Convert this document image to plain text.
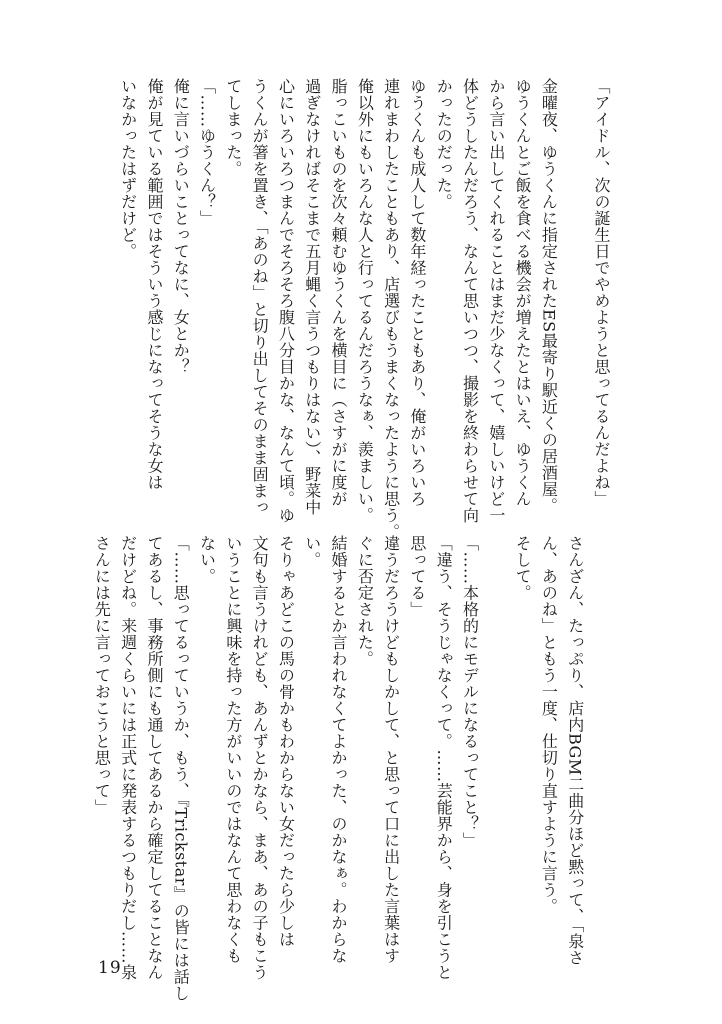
「アイドル、次の誕生日でやめようと思ってるんだよね」
金曜夜、ゆうくんに指定されたES最寄り駅近くの居酒屋。
ゆうくんとご飯を食べる機会が増えたとはいえ、ゆうくん
から言い出してくれることはまだ少なくって、嬉しいけど一
体どうしたんだろう、なんて思いつつ、撮影を終わらせて向
かったのだった。
ゆうくんも成人して数年経ったこともあり、俺がいろいろ
連れまわしたこともあり、店選びもうまくなったように思う。
俺以外にもいろんな人と行ってるんだろうなぁ、羨ましい。
脂っこいものを次々頼むゆうくんを横目に（さすがに度が
過ぎなければそこまで五月蝿く言うつもりはない）、野菜中
心にいろいろつまんでそろそろ腹八分目かな、なんて頃。ゆ
うくんが箸を置き、「あのね」と切り出してそのまま固まっ
てしまった。
「……ゆうくん？」
俺に言いづらいことってなに、女とか？
俺が見ている範囲ではそういう感じになってそうな女は
いなかったはずだけど。
さんざん、たっぷり、店内BGM二曲分ほど黙って、「泉さ
ん、あのね」ともう一度、仕切り直すように言う。
そして。
「……本格的にモデルになるってこと？」
「違う、そうじゃなくって。……芸能界から、身を引こうと
思ってる」
違うだろうけどもしかして、と思って口に出した言葉はす
ぐに否定された。
結婚するとか言われなくてよかった、のかなぁ。わからな
い。
そりゃあどこの馬の骨かもわからない女だったら少しは
文句も言うけれども、あんずとかなら、まあ、あの子もこう
いうことに興味を持った方がいいのではなんて思わなくも
ない。
「……思ってるっていうか、もう、『Trickstar』の皆には話し
てあるし、事務所側にも通してあるから確定してることなん
だけどね。来週くらいには正式に発表するつもりだし……泉
さんには先に言っておこうと思って」
19
